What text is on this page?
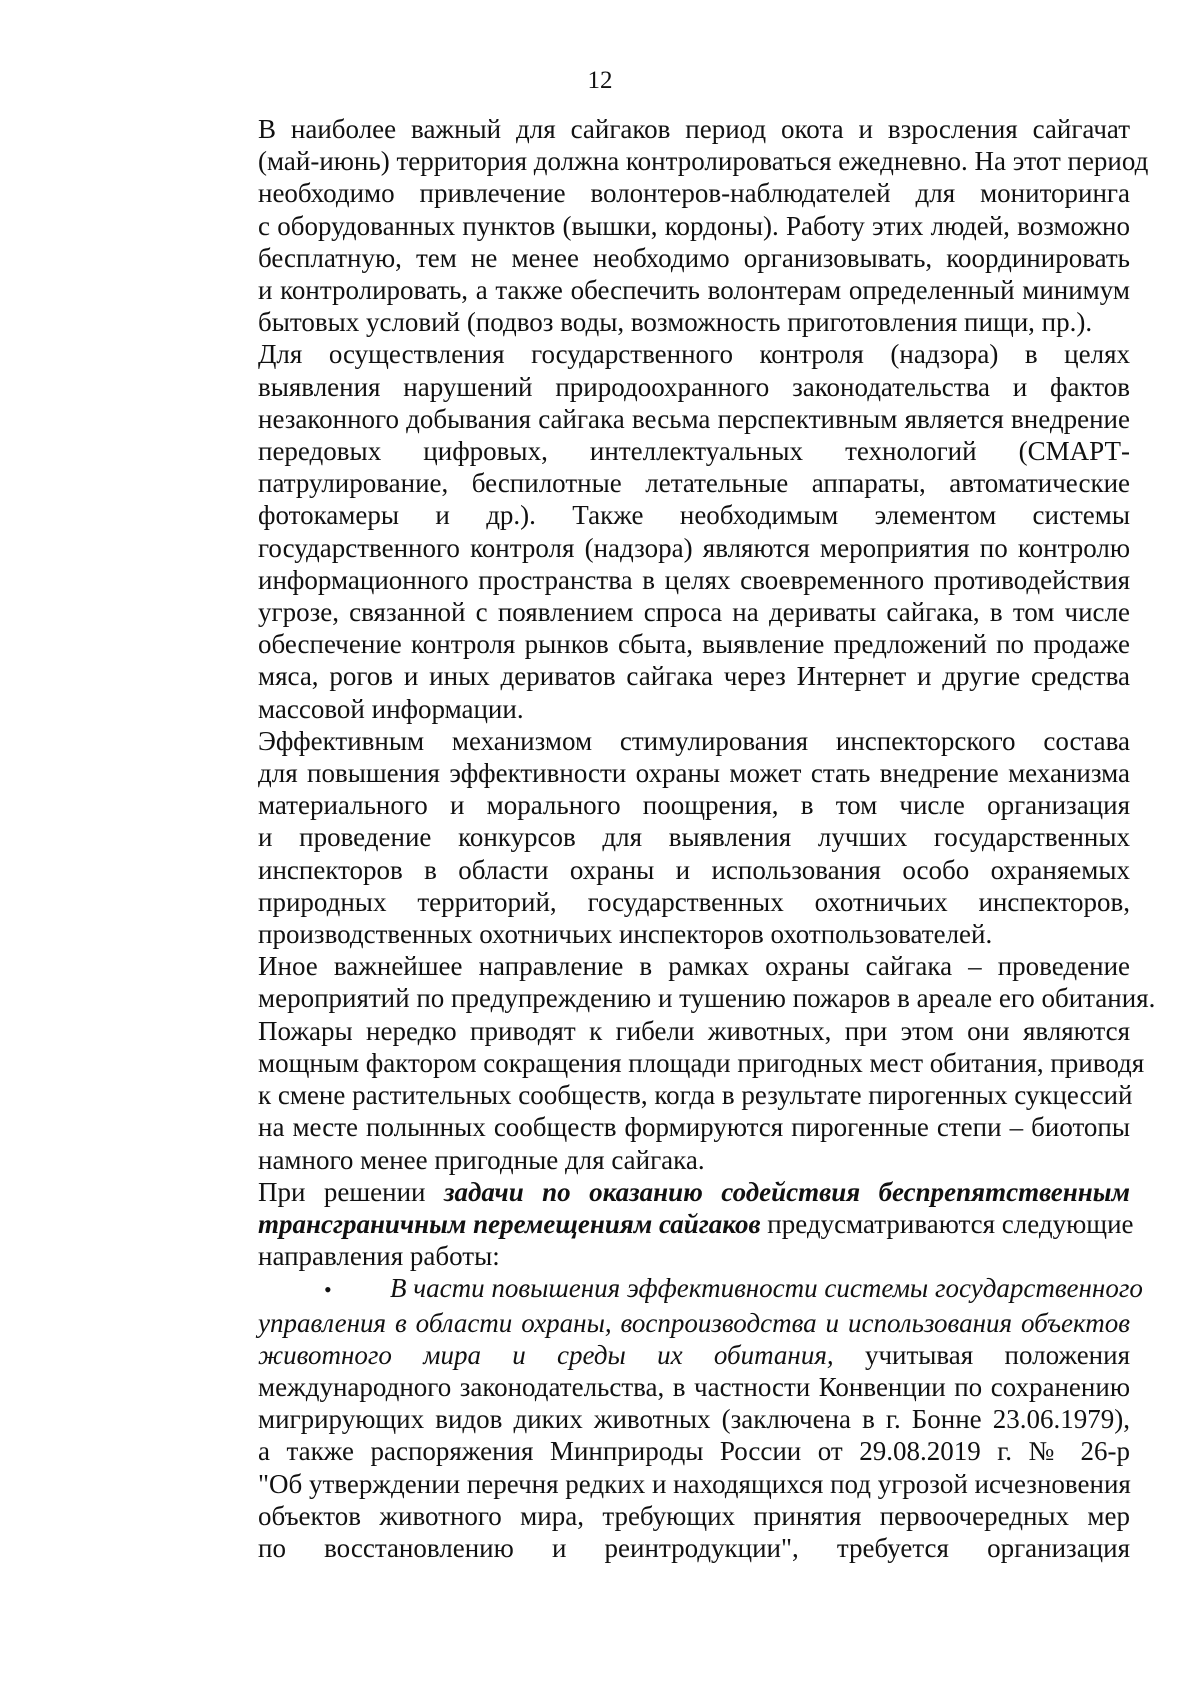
12
В наиболее важный для сайгаков период окота и взросления сайгачат
(май-июнь) территория должна контролироваться ежедневно. На этот период
необходимо привлечение волонтеров-наблюдателей для мониторинга
с оборудованных пунктов (вышки, кордоны). Работу этих людей, возможно
бесплатную, тем не менее необходимо организовывать, координировать
и контролировать, а также обеспечить волонтерам определенный минимум
бытовых условий (подвоз воды, возможность приготовления пищи, пр.).
Для осуществления государственного контроля (надзора) в целях
выявления нарушений природоохранного законодательства и фактов
незаконного добывания сайгака весьма перспективным является внедрение
передовых цифровых, интеллектуальных технологий (СМАРТ-
патрулирование, беспилотные летательные аппараты, автоматические
фотокамеры и др.). Также необходимым элементом системы
государственного контроля (надзора) являются мероприятия по контролю
информационного пространства в целях своевременного противодействия
угрозе, связанной с появлением спроса на дериваты сайгака, в том числе
обеспечение контроля рынков сбыта, выявление предложений по продаже
мяса, рогов и иных дериватов сайгака через Интернет и другие средства
массовой информации.
Эффективным механизмом стимулирования инспекторского состава
для повышения эффективности охраны может стать внедрение механизма
материального и морального поощрения, в том числе организация
и проведение конкурсов для выявления лучших государственных
инспекторов в области охраны и использования особо охраняемых
природных территорий, государственных охотничьих инспекторов,
производственных охотничьих инспекторов охотпользователей.
Иное важнейшее направление в рамках охраны сайгака – проведение
мероприятий по предупреждению и тушению пожаров в ареале его обитания.
Пожары нередко приводят к гибели животных, при этом они являются
мощным фактором сокращения площади пригодных мест обитания, приводя
к смене растительных сообществ, когда в результате пирогенных сукцессий
на месте полынных сообществ формируются пирогенные степи – биотопы
намного менее пригодные для сайгака.
При решении задачи по оказанию содействия беспрепятственным
трансграничным перемещениям сайгаков предусматриваются следующие
направления работы:
•	В части повышения эффективности системы государственного
управления в области охраны, воспроизводства и использования объектов
животного мира и среды их обитания, учитывая положения
международного законодательства, в частности Конвенции по сохранению
мигрирующих видов диких животных (заключена в г. Бонне 23.06.1979),
а также распоряжения Минприроды России от 29.08.2019 г. № 26-р
"Об утверждении перечня редких и находящихся под угрозой исчезновения
объектов животного мира, требующих принятия первоочередных мер
по восстановлению и реинтродукции", требуется организация
